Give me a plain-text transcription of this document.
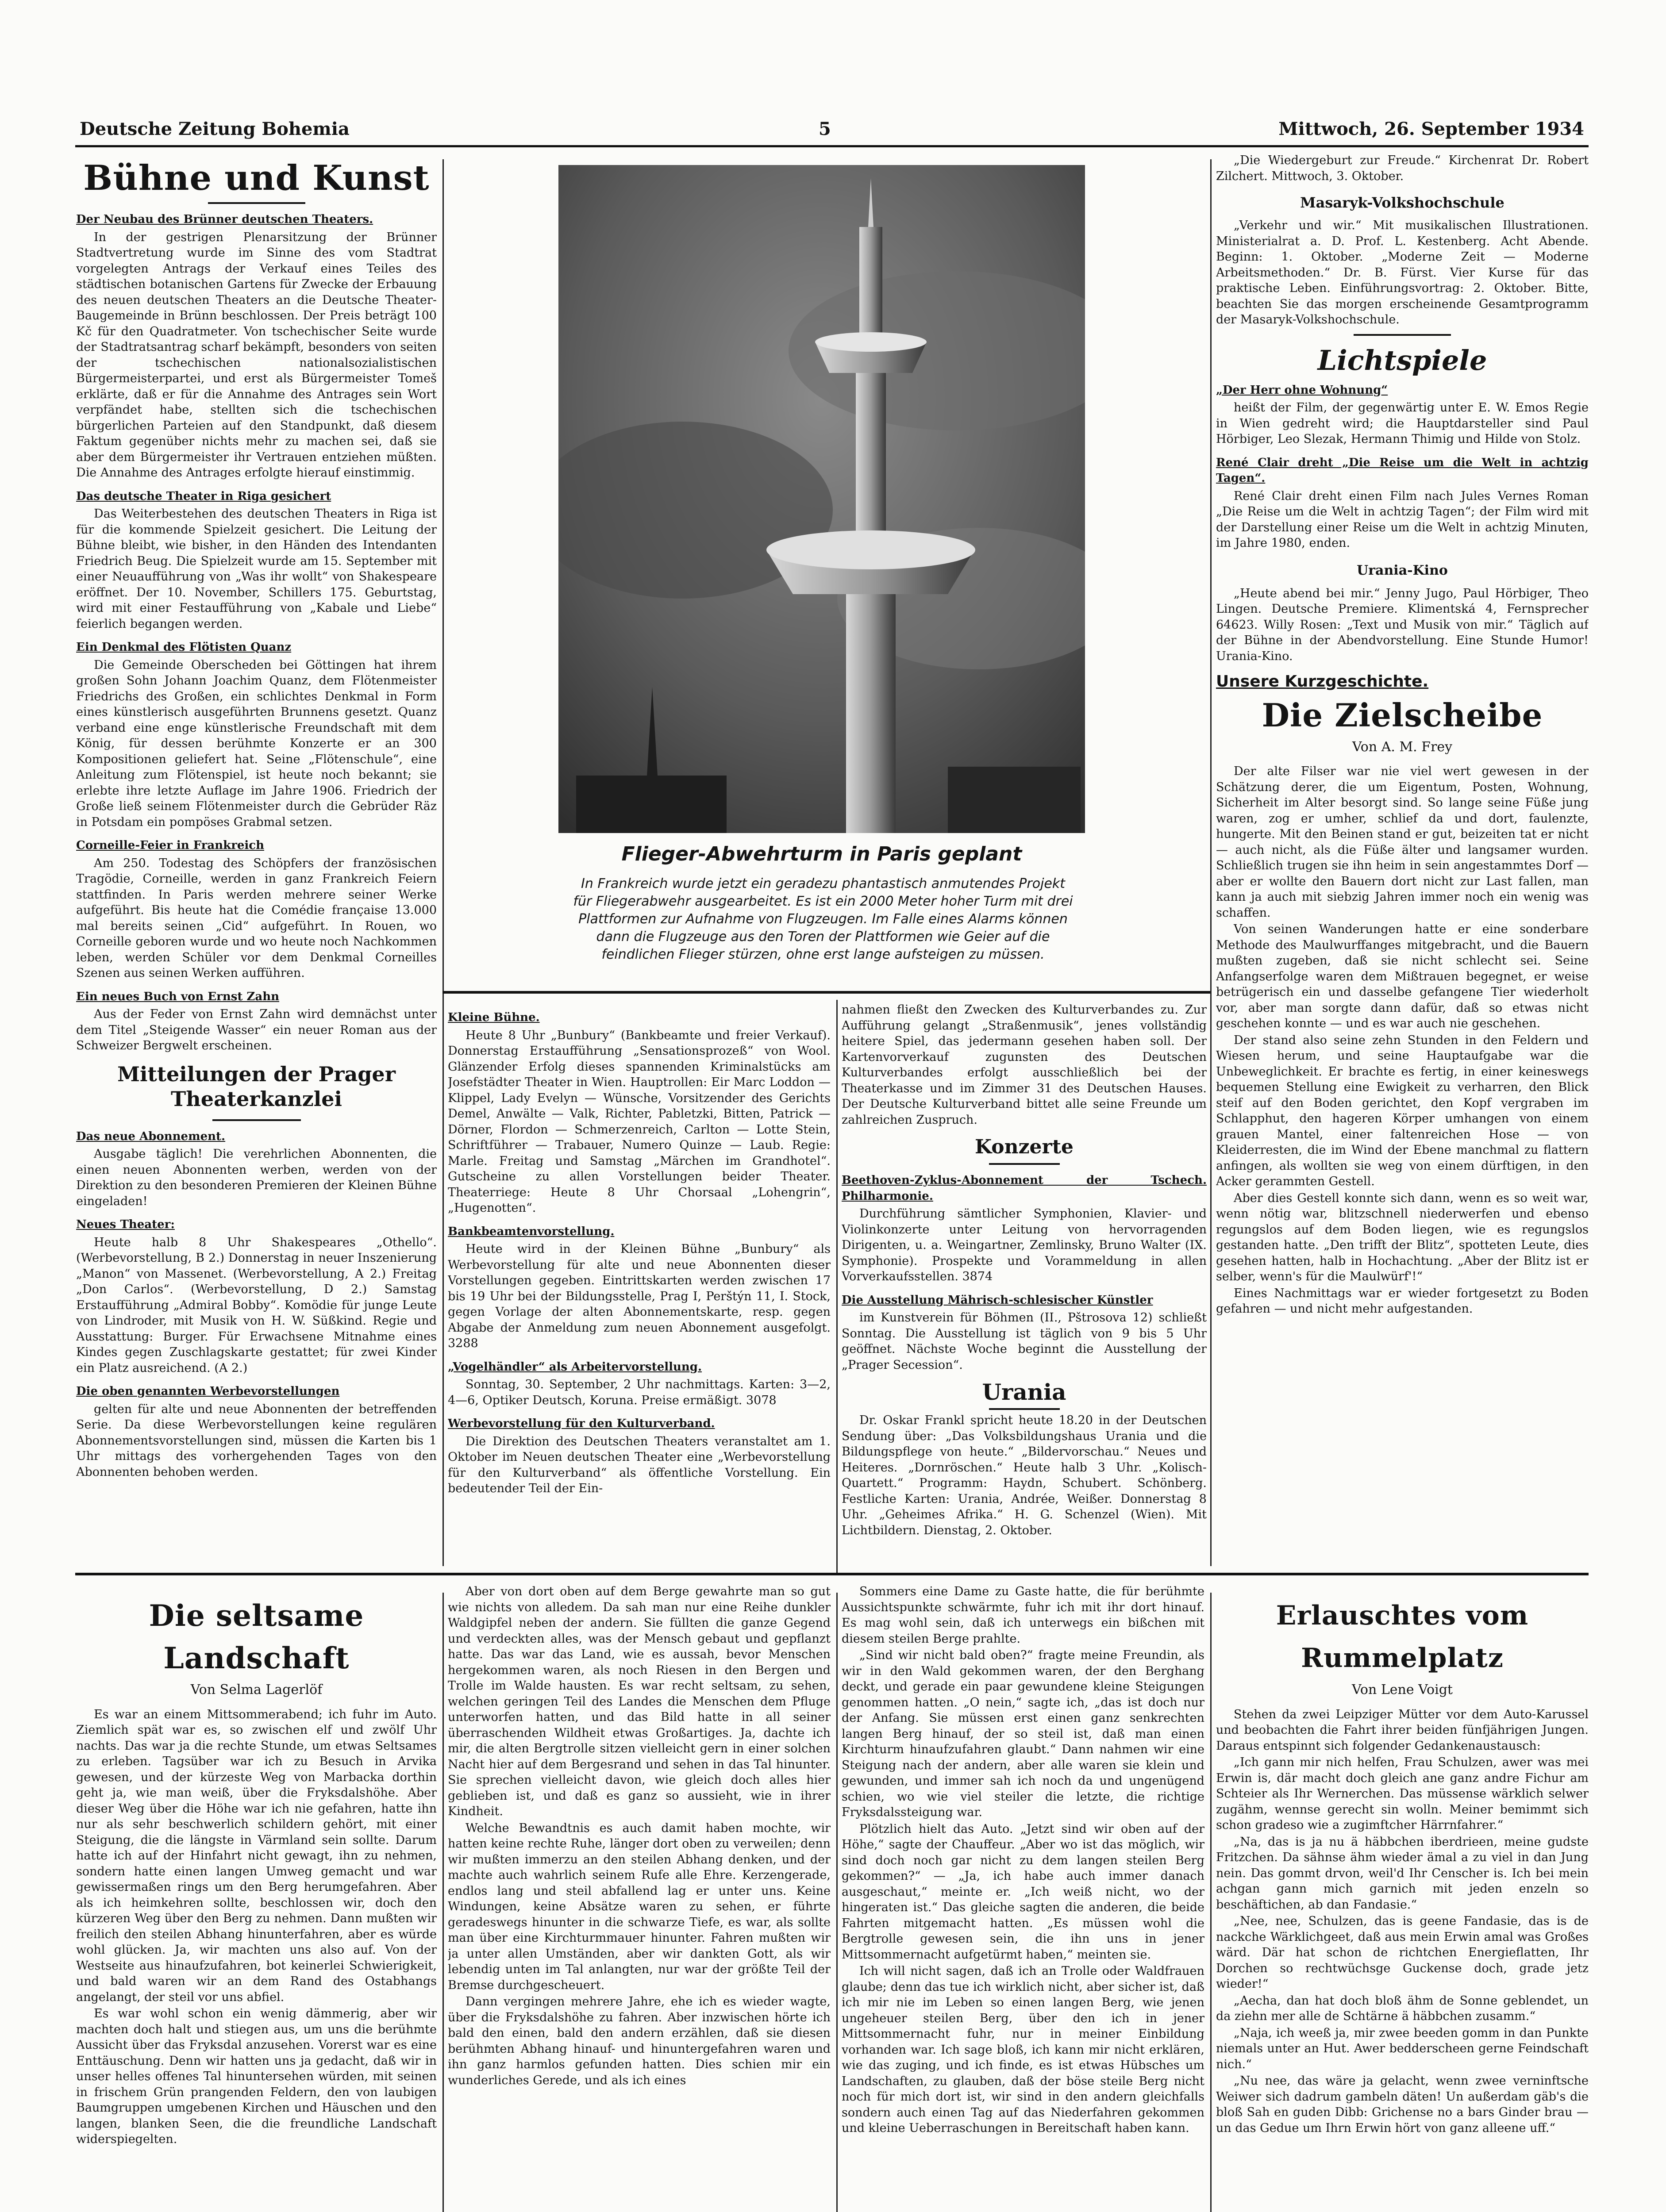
Deutsche Zeitung Bohemia	5	Mittwoch, 26. September 1934
Bühne und Kunst
Der Neubau des Brünner deutschen Theaters.

In der gestrigen Plenarsitzung der Brünner Stadtvertretung wurde im Sinne des vom Stadtrat vorgelegten Antrags der Verkauf eines Teiles des städtischen botanischen Gartens für Zwecke der Erbauung des neuen deutschen Theaters an die Deutsche Theater-Baugemeinde in Brünn beschlossen. Der Preis beträgt 100 Kč für den Quadratmeter. Von tschechischer Seite wurde der Stadtratsantrag scharf bekämpft, besonders von seiten der tschechischen nationalsozialistischen Bürgermeisterpartei, und erst als Bürgermeister Tomeš erklärte, daß er für die Annahme des Antrages sein Wort verpfändet habe, stellten sich die tschechischen bürgerlichen Parteien auf den Standpunkt, daß diesem Faktum gegenüber nichts mehr zu machen sei, daß sie aber dem Bürgermeister ihr Vertrauen entziehen müßten. Die Annahme des Antrages erfolgte hierauf einstimmig.

Das deutsche Theater in Riga gesichert

Das Weiterbestehen des deutschen Theaters in Riga ist für die kommende Spielzeit gesichert. Die Leitung der Bühne bleibt, wie bisher, in den Händen des Intendanten Friedrich Beug. Die Spielzeit wurde am 15. September mit einer Neuaufführung von „Was ihr wollt“ von Shakespeare eröffnet. Der 10. November, Schillers 175. Geburtstag, wird mit einer Festaufführung von „Kabale und Liebe“ feierlich begangen werden.

Ein Denkmal des Flötisten Quanz

Die Gemeinde Oberscheden bei Göttingen hat ihrem großen Sohn Johann Joachim Quanz, dem Flötenmeister Friedrichs des Großen, ein schlichtes Denkmal in Form eines künstlerisch ausgeführten Brunnens gesetzt. Quanz verband eine enge künstlerische Freundschaft mit dem König, für dessen berühmte Konzerte er an 300 Kompositionen geliefert hat. Seine „Flötenschule“, eine Anleitung zum Flötenspiel, ist heute noch bekannt; sie erlebte ihre letzte Auflage im Jahre 1906. Friedrich der Große ließ seinem Flötenmeister durch die Gebrüder Räz in Potsdam ein pompöses Grabmal setzen.

Corneille-Feier in Frankreich

Am 250. Todestag des Schöpfers der französischen Tragödie, Corneille, werden in ganz Frankreich Feiern stattfinden. In Paris werden mehrere seiner Werke aufgeführt. Bis heute hat die Comédie française 13.000 mal bereits seinen „Cid“ aufgeführt. In Rouen, wo Corneille geboren wurde und wo heute noch Nachkommen leben, werden Schüler vor dem Denkmal Corneilles Szenen aus seinen Werken aufführen.

Ein neues Buch von Ernst Zahn

Aus der Feder von Ernst Zahn wird demnächst unter dem Titel „Steigende Wasser“ ein neuer Roman aus der Schweizer Bergwelt erscheinen.

Mitteilungen der Prager Theaterkanzlei
Das neue Abonnement.

Ausgabe täglich! Die verehrlichen Abonnenten, die einen neuen Abonnenten werben, werden von der Direktion zu den besonderen Premieren der Kleinen Bühne eingeladen!

Neues Theater:

Heute halb 8 Uhr Shakespeares „Othello“. (Werbevorstellung, B 2.) Donnerstag in neuer Inszenierung „Manon“ von Massenet. (Werbevorstellung, A 2.) Freitag „Don Carlos“. (Werbevorstellung, D 2.) Samstag Erstaufführung „Admiral Bobby“. Komödie für junge Leute von Lindroder, mit Musik von H. W. Süßkind. Regie und Ausstattung: Burger. Für Erwachsene Mitnahme eines Kindes gegen Zuschlagskarte gestattet; für zwei Kinder ein Platz ausreichend. (A 2.)

Die oben genannten Werbevorstellungen

gelten für alte und neue Abonnenten der betreffenden Serie. Da diese Werbevorstellungen keine regulären Abonnementsvorstellungen sind, müssen die Karten bis 1 Uhr mittags des vorhergehenden Tages von den Abonnenten behoben werden.

Flieger-Abwehrturm in Paris geplant
In Frankreich wurde jetzt ein geradezu phantastisch anmutendes Projekt für Fliegerabwehr ausgearbeitet. Es ist ein 2000 Meter hoher Turm mit drei Plattformen zur Aufnahme von Flugzeugen. Im Falle eines Alarms können dann die Flugzeuge aus den Toren der Plattformen wie Geier auf die feindlichen Flieger stürzen, ohne erst lange aufsteigen zu müssen.
Kleine Bühne.

Heute 8 Uhr „Bunbury“ (Bankbeamte und freier Verkauf). Donnerstag Erstaufführung „Sensationsprozeß“ von Wool. Glänzender Erfolg dieses spannenden Kriminalstücks am Josefstädter Theater in Wien. Hauptrollen: Eir Marc Loddon — Klippel, Lady Evelyn — Wünsche, Vorsitzender des Gerichts Demel, Anwälte — Valk, Richter, Pabletzki, Bitten, Patrick — Dörner, Flordon — Schmerzenreich, Carlton — Lotte Stein, Schriftführer — Trabauer, Numero Quinze — Laub. Regie: Marle. Freitag und Samstag „Märchen im Grandhotel“. Gutscheine zu allen Vorstellungen beider Theater. Theaterriege: Heute 8 Uhr Chorsaal „Lohengrin“, „Hugenotten“.

Bankbeamtenvorstellung.

Heute wird in der Kleinen Bühne „Bunbury“ als Werbevorstellung für alte und neue Abonnenten dieser Vorstellungen gegeben. Eintrittskarten werden zwischen 17 bis 19 Uhr bei der Bildungsstelle, Prag I, Perštýn 11, I. Stock, gegen Vorlage der alten Abonnementskarte, resp. gegen Abgabe der Anmeldung zum neuen Abonnement ausgefolgt. 3288

„Vogelhändler“ als Arbeitervorstellung.

Sonntag, 30. September, 2 Uhr nachmittags. Karten: 3—2, 4—6, Optiker Deutsch, Koruna. Preise ermäßigt. 3078

Werbevorstellung für den Kulturverband.

Die Direktion des Deutschen Theaters veranstaltet am 1. Oktober im Neuen deutschen Theater eine „Werbevorstellung für den Kulturverband“ als öffentliche Vorstellung. Ein bedeutender Teil der Ein-

nahmen fließt den Zwecken des Kulturverbandes zu. Zur Aufführung gelangt „Straßenmusik“, jenes vollständig heitere Spiel, das jedermann gesehen haben soll. Der Kartenvorverkauf zugunsten des Deutschen Kulturverbandes erfolgt ausschließlich bei der Theaterkasse und im Zimmer 31 des Deutschen Hauses. Der Deutsche Kulturverband bittet alle seine Freunde um zahlreichen Zuspruch.

Konzerte
Beethoven-Zyklus-Abonnement der Tschech. Philharmonie.

Durchführung sämtlicher Symphonien, Klavier- und Violinkonzerte unter Leitung von hervorragenden Dirigenten, u. a. Weingartner, Zemlinsky, Bruno Walter (IX. Symphonie). Prospekte und Vorammeldung in allen Vorverkaufsstellen. 3874

Die Ausstellung Mährisch-schlesischer Künstler

im Kunstverein für Böhmen (II., Pštrosova 12) schließt Sonntag. Die Ausstellung ist täglich von 9 bis 5 Uhr geöffnet. Nächste Woche beginnt die Ausstellung der „Prager Secession“.

Urania

Dr. Oskar Frankl spricht heute 18.20 in der Deutschen Sendung über: „Das Volksbildungshaus Urania und die Bildungspflege von heute.“ „Bildervorschau.“ Neues und Heiteres. „Dornröschen.“ Heute halb 3 Uhr. „Kolisch-Quartett.“ Programm: Haydn, Schubert. Schönberg. Festliche Karten: Urania, Andrée, Weißer. Donnerstag 8 Uhr. „Geheimes Afrika.“ H. G. Schenzel (Wien). Mit Lichtbildern. Dienstag, 2. Oktober.

„Die Wiedergeburt zur Freude.“ Kirchenrat Dr. Robert Zilchert. Mittwoch, 3. Oktober.

Masaryk-Volkshochschule

„Verkehr und wir.“ Mit musikalischen Illustrationen. Ministerialrat a. D. Prof. L. Kestenberg. Acht Abende. Beginn: 1. Oktober. „Moderne Zeit — Moderne Arbeitsmethoden.“ Dr. B. Fürst. Vier Kurse für das praktische Leben. Einführungsvortrag: 2. Oktober. Bitte, beachten Sie das morgen erscheinende Gesamtprogramm der Masaryk-Volkshochschule.

Lichtspiele
„Der Herr ohne Wohnung“

heißt der Film, der gegenwärtig unter E. W. Emos Regie in Wien gedreht wird; die Hauptdarsteller sind Paul Hörbiger, Leo Slezak, Hermann Thimig und Hilde von Stolz.

René Clair dreht „Die Reise um die Welt in achtzig Tagen“.

René Clair dreht einen Film nach Jules Vernes Roman „Die Reise um die Welt in achtzig Tagen“; der Film wird mit der Darstellung einer Reise um die Welt in achtzig Minuten, im Jahre 1980, enden.

Urania-Kino

„Heute abend bei mir.“ Jenny Jugo, Paul Hörbiger, Theo Lingen. Deutsche Premiere. Klimentská 4, Fernsprecher 64623. Willy Rosen: „Text und Musik von mir.“ Täglich auf der Bühne in der Abendvorstellung. Eine Stunde Humor! Urania-Kino.

Unsere Kurzgeschichte.
Die Zielscheibe
Von A. M. Frey

Der alte Filser war nie viel wert gewesen in der Schätzung derer, die um Eigentum, Posten, Wohnung, Sicherheit im Alter besorgt sind. So lange seine Füße jung waren, zog er umher, schlief da und dort, faulenzte, hungerte. Mit den Beinen stand er gut, beizeiten tat er nicht — auch nicht, als die Füße älter und langsamer wurden. Schließlich trugen sie ihn heim in sein angestammtes Dorf — aber er wollte den Bauern dort nicht zur Last fallen, man kann ja auch mit siebzig Jahren immer noch ein wenig was schaffen.

Von seinen Wanderungen hatte er eine sonderbare Methode des Maulwurffanges mitgebracht, und die Bauern mußten zugeben, daß sie nicht schlecht sei. Seine Anfangserfolge waren dem Mißtrauen begegnet, er weise betrügerisch ein und dasselbe gefangene Tier wiederholt vor, aber man sorgte dann dafür, daß so etwas nicht geschehen konnte — und es war auch nie geschehen.

Der stand also seine zehn Stunden in den Feldern und Wiesen herum, und seine Hauptaufgabe war die Unbeweglichkeit. Er brachte es fertig, in einer keineswegs bequemen Stellung eine Ewigkeit zu verharren, den Blick steif auf den Boden gerichtet, den Kopf vergraben im Schlapphut, den hageren Körper umhangen von einem grauen Mantel, einer faltenreichen Hose — von Kleiderresten, die im Wind der Ebene manchmal zu flattern anfingen, als wollten sie weg von einem dürftigen, in den Acker gerammten Gestell.

Aber dies Gestell konnte sich dann, wenn es so weit war, wenn nötig war, blitzschnell niederwerfen und ebenso regungslos auf dem Boden liegen, wie es regungslos gestanden hatte. „Den trifft der Blitz“, spotteten Leute, dies gesehen hatten, halb in Hochachtung. „Aber der Blitz ist er selber, wenn's für die Maulwürf'!“

Eines Nachmittags war er wieder fortgesetzt zu Boden gefahren — und nicht mehr aufgestanden.

Die seltsame Landschaft
Von Selma Lagerlöf

Es war an einem Mittsommerabend; ich fuhr im Auto. Ziemlich spät war es, so zwischen elf und zwölf Uhr nachts. Das war ja die rechte Stunde, um etwas Seltsames zu erleben. Tagsüber war ich zu Besuch in Arvika gewesen, und der kürzeste Weg von Marbacka dorthin geht ja, wie man weiß, über die Fryksdalshöhe. Aber dieser Weg über die Höhe war ich nie gefahren, hatte ihn nur als sehr beschwerlich schildern gehört, mit einer Steigung, die die längste in Värmland sein sollte. Darum hatte ich auf der Hinfahrt nicht gewagt, ihn zu nehmen, sondern hatte einen langen Umweg gemacht und war gewissermaßen rings um den Berg herumgefahren. Aber als ich heimkehren sollte, beschlossen wir, doch den kürzeren Weg über den Berg zu nehmen. Dann mußten wir freilich den steilen Abhang hinunterfahren, aber es würde wohl glücken. Ja, wir machten uns also auf. Von der Westseite aus hinaufzufahren, bot keinerlei Schwierigkeit, und bald waren wir an dem Rand des Ostabhangs angelangt, der steil vor uns abfiel.

Es war wohl schon ein wenig dämmerig, aber wir machten doch halt und stiegen aus, um uns die berühmte Aussicht über das Fryksdal anzusehen. Vorerst war es eine Enttäuschung. Denn wir hatten uns ja gedacht, daß wir in unser helles offenes Tal hinuntersehen würden, mit seinen in frischem Grün prangenden Feldern, den von laubigen Baumgruppen umgebenen Kirchen und Häuschen und den langen, blanken Seen, die die freundliche Landschaft widerspiegelten.

Aber von dort oben auf dem Berge gewahrte man so gut wie nichts von alledem. Da sah man nur eine Reihe dunkler Waldgipfel neben der andern. Sie füllten die ganze Gegend und verdeckten alles, was der Mensch gebaut und gepflanzt hatte. Das war das Land, wie es aussah, bevor Menschen hergekommen waren, als noch Riesen in den Bergen und Trolle im Walde hausten. Es war recht seltsam, zu sehen, welchen geringen Teil des Landes die Menschen dem Pfluge unterworfen hatten, und das Bild hatte in all seiner überraschenden Wildheit etwas Großartiges. Ja, dachte ich mir, die alten Bergtrolle sitzen vielleicht gern in einer solchen Nacht hier auf dem Bergesrand und sehen in das Tal hinunter. Sie sprechen vielleicht davon, wie gleich doch alles hier geblieben ist, und daß es ganz so aussieht, wie in ihrer Kindheit.

Welche Bewandtnis es auch damit haben mochte, wir hatten keine rechte Ruhe, länger dort oben zu verweilen; denn wir mußten immerzu an den steilen Abhang denken, und der machte auch wahrlich seinem Rufe alle Ehre. Kerzengerade, endlos lang und steil abfallend lag er unter uns. Keine Windungen, keine Absätze waren zu sehen, er führte geradeswegs hinunter in die schwarze Tiefe, es war, als sollte man über eine Kirchturmmauer hinunter. Fahren mußten wir ja unter allen Umständen, aber wir dankten Gott, als wir lebendig unten im Tal anlangten, nur war der größte Teil der Bremse durchgescheuert.

Dann vergingen mehrere Jahre, ehe ich es wieder wagte, über die Fryksdalshöhe zu fahren. Aber inzwischen hörte ich bald den einen, bald den andern erzählen, daß sie diesen berühmten Abhang hinauf- und hinuntergefahren waren und ihn ganz harmlos gefunden hatten. Dies schien mir ein wunderliches Gerede, und als ich eines

Sommers eine Dame zu Gaste hatte, die für berühmte Aussichtspunkte schwärmte, fuhr ich mit ihr dort hinauf. Es mag wohl sein, daß ich unterwegs ein bißchen mit diesem steilen Berge prahlte.

„Sind wir nicht bald oben?“ fragte meine Freundin, als wir in den Wald gekommen waren, der den Berghang deckt, und gerade ein paar gewundene kleine Steigungen genommen hatten. „O nein,“ sagte ich, „das ist doch nur der Anfang. Sie müssen erst einen ganz senkrechten langen Berg hinauf, der so steil ist, daß man einen Kirchturm hinaufzufahren glaubt.“ Dann nahmen wir eine Steigung nach der andern, aber alle waren sie klein und gewunden, und immer sah ich noch da und ungenügend schien, wo wie viel steiler die letzte, die richtige Fryksdalssteigung war.

Plötzlich hielt das Auto. „Jetzt sind wir oben auf der Höhe,“ sagte der Chauffeur. „Aber wo ist das möglich, wir sind doch noch gar nicht zu dem langen steilen Berg gekommen?“ — „Ja, ich habe auch immer danach ausgeschaut,“ meinte er. „Ich weiß nicht, wo der hingeraten ist.“ Das gleiche sagten die anderen, die beide Fahrten mitgemacht hatten. „Es müssen wohl die Bergtrolle gewesen sein, die ihn uns in jener Mittsommernacht aufgetürmt haben,“ meinten sie.

Ich will nicht sagen, daß ich an Trolle oder Waldfrauen glaube; denn das tue ich wirklich nicht, aber sicher ist, daß ich mir nie im Leben so einen langen Berg, wie jenen ungeheuer steilen Berg, über den ich in jener Mittsommernacht fuhr, nur in meiner Einbildung vorhanden war. Ich sage bloß, ich kann mir nicht erklären, wie das zuging, und ich finde, es ist etwas Hübsches um Landschaften, zu glauben, daß der böse steile Berg nicht noch für mich dort ist, wir sind in den andern gleichfalls sondern auch einen Tag auf das Niederfahren gekommen und kleine Ueberraschungen in Bereitschaft haben kann.

Erlauschtes vom Rummelplatz
Von Lene Voigt

Stehen da zwei Leipziger Mütter vor dem Auto-Karussel und beobachten die Fahrt ihrer beiden fünfjährigen Jungen. Daraus entspinnt sich folgender Gedankenaustausch:

„Ich gann mir nich helfen, Frau Schulzen, awer was mei Erwin is, där macht doch gleich ane ganz andre Fichur am Schteier als Ihr Wernerchen. Das müssense wärklich selwer zugähm, wennse gerecht sin wolln. Meiner bemimmt sich schon gradeso wie a zugimftcher Härrnfahrer.“

„Na, das is ja nu ä häbbchen iberdrieen, meine gudste Fritzchen. Da sähnse ähm wieder ämal a zu viel in dan Jung nein. Das gommt drvon, weil'd Ihr Censcher is. Ich bei mein achgan gann mich garnich mit jeden enzeln so beschäftichen, ab dan Fandasie.“

„Nee, nee, Schulzen, das is geene Fandasie, das is de nackche Wärklichgeet, daß aus mein Erwin amal was Großes wärd. Där hat schon de richtchen Energieflatten, Ihr Dorchen so rechtwüchsge Guckense doch, grade jetz wieder!“

„Aecha, dan hat doch bloß ähm de Sonne geblendet, un da ziehn mer alle de Schtärne ä häbbchen zusamm.“

„Naja, ich weeß ja, mir zwee beeden gomm in dan Punkte niemals unter an Hut. Awer bedderscheen gerne Feindschaft nich.“

„Nu nee, das wäre ja gelacht, wenn zwee verninftsche Weiwer sich dadrum gambeln däten! Un außerdam gäb's die bloß Sah en guden Dibb: Grichense no a bars Ginder brau — un das Gedue um Ihrn Erwin hört von ganz alleene uff.“
